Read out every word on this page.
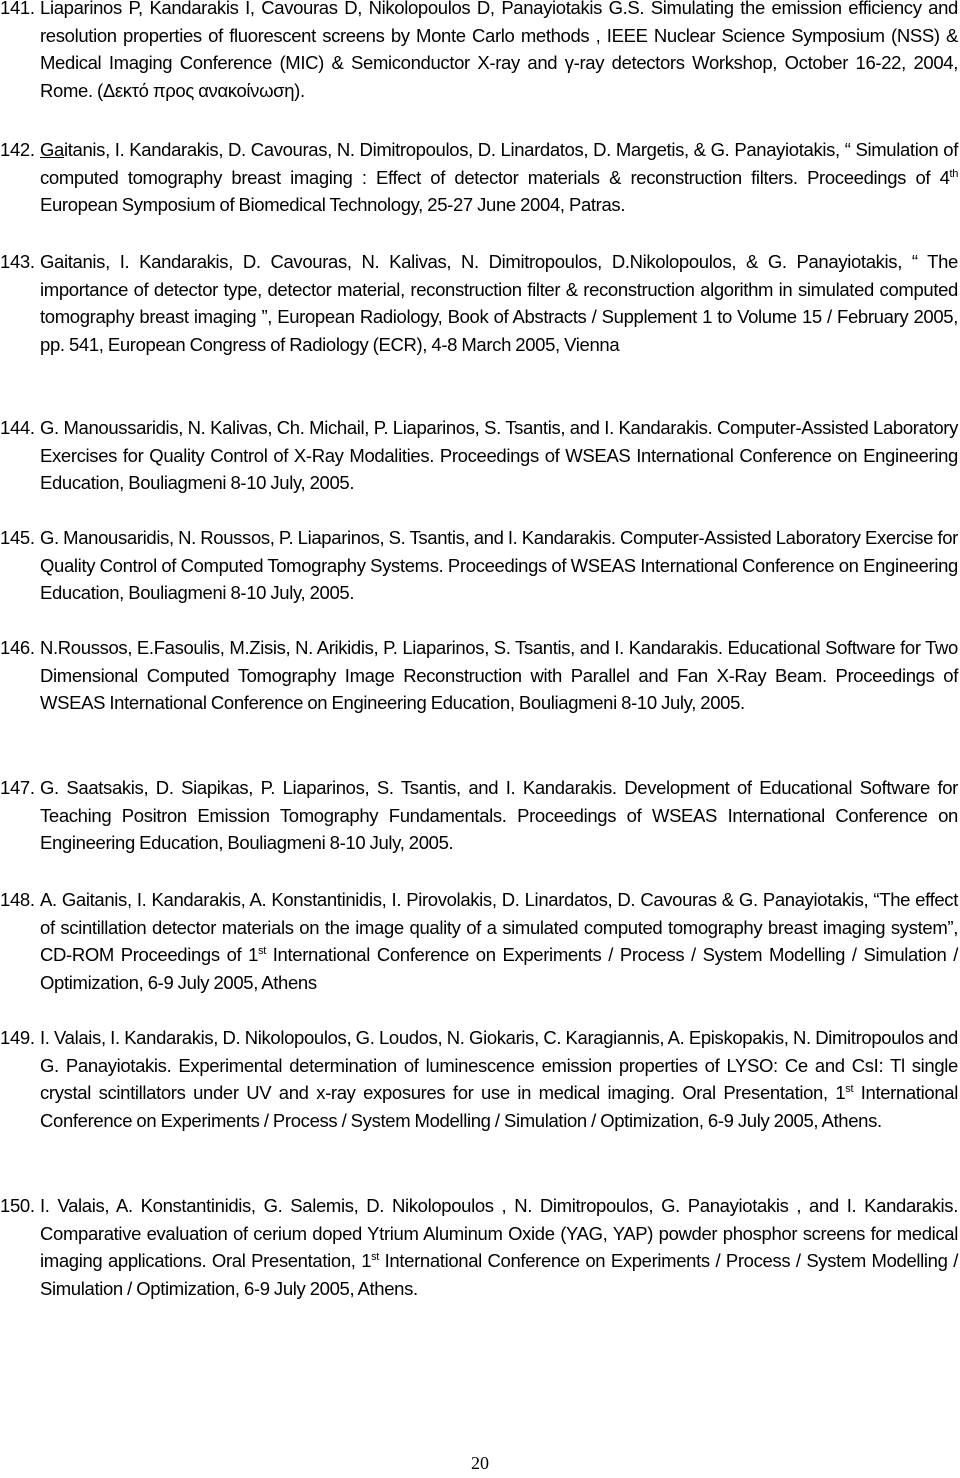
141. Liaparinos P, Kandarakis I, Cavouras D, Nikolopoulos D, Panayiotakis G.S. Simulating the emission efficiency and resolution properties of fluorescent screens by Monte Carlo methods , IEEE Nuclear Science Symposium (NSS) & Medical Imaging Conference (MIC) & Semiconductor X-ray and γ-ray detectors Workshop, October 16-22, 2004, Rome. (Δεκτό προς ανακοίνωση).
142. Gaitanis, I. Kandarakis, D. Cavouras, N. Dimitropoulos, D. Linardatos, D. Margetis, & G. Panayiotakis, “ Simulation of computed tomography breast imaging : Effect of detector materials & reconstruction filters. Proceedings of 4th European Symposium of Biomedical Technology, 25-27 June 2004, Patras.
143. Gaitanis, I. Kandarakis, D. Cavouras, N. Kalivas, N. Dimitropoulos, D.Nikolopoulos, & G. Panayiotakis, “ The importance of detector type, detector material, reconstruction filter & reconstruction algorithm in simulated computed tomography breast imaging ”, European Radiology, Book of Abstracts / Supplement 1 to Volume 15 / February 2005, pp. 541, European Congress of Radiology (ECR), 4-8 March 2005, Vienna
144. G. Manoussaridis, N. Kalivas, Ch. Michail, P. Liaparinos, S. Tsantis, and I. Kandarakis. Computer-Assisted Laboratory Exercises for Quality Control of X-Ray Modalities. Proceedings of WSEAS International Conference on Engineering Education, Bouliagmeni 8-10 July, 2005.
145. G. Manousaridis, N. Roussos, P. Liaparinos, S. Tsantis, and I. Kandarakis. Computer-Assisted Laboratory Exercise for Quality Control of Computed Tomography Systems. Proceedings of WSEAS International Conference on Engineering Education, Bouliagmeni 8-10 July, 2005.
146. N.Roussos, E.Fasoulis, M.Zisis, N. Arikidis, P. Liaparinos, S. Tsantis, and I. Kandarakis. Educational Software for Two Dimensional Computed Tomography Image Reconstruction with Parallel and Fan X-Ray Beam. Proceedings of WSEAS International Conference on Engineering Education, Bouliagmeni 8-10 July, 2005.
147. G. Saatsakis, D. Siapikas, P. Liaparinos, S. Tsantis, and I. Kandarakis. Development of Educational Software for Teaching Positron Emission Tomography Fundamentals. Proceedings of WSEAS International Conference on Engineering Education, Bouliagmeni 8-10 July, 2005.
148. A. Gaitanis, I. Kandarakis, A. Konstantinidis, I. Pirovolakis, D. Linardatos, D. Cavouras & G. Panayiotakis, “The effect of scintillation detector materials on the image quality of a simulated computed tomography breast imaging system”, CD-ROM Proceedings of 1st International Conference on Experiments / Process / System Modelling / Simulation / Optimization, 6-9 July 2005, Athens
149. I. Valais, I. Kandarakis, D. Nikolopoulos, G. Loudos, N. Giokaris, C. Karagiannis, A. Episkopakis, N. Dimitropoulos and G. Panayiotakis. Experimental determination of luminescence emission properties of LYSO: Ce and CsI: Tl single crystal scintillators under UV and x-ray exposures for use in medical imaging. Oral Presentation, 1st International Conference on Experiments / Process / System Modelling / Simulation / Optimization, 6-9 July 2005, Athens.
150. I. Valais, A. Konstantinidis, G. Salemis, D. Nikolopoulos , N. Dimitropoulos, G. Panayiotakis , and I. Kandarakis. Comparative evaluation of cerium doped Ytrium Aluminum Oxide (YAG, YAP) powder phosphor screens for medical imaging applications. Oral Presentation, 1st International Conference on Experiments / Process / System Modelling / Simulation / Optimization, 6-9 July 2005, Athens.
20
